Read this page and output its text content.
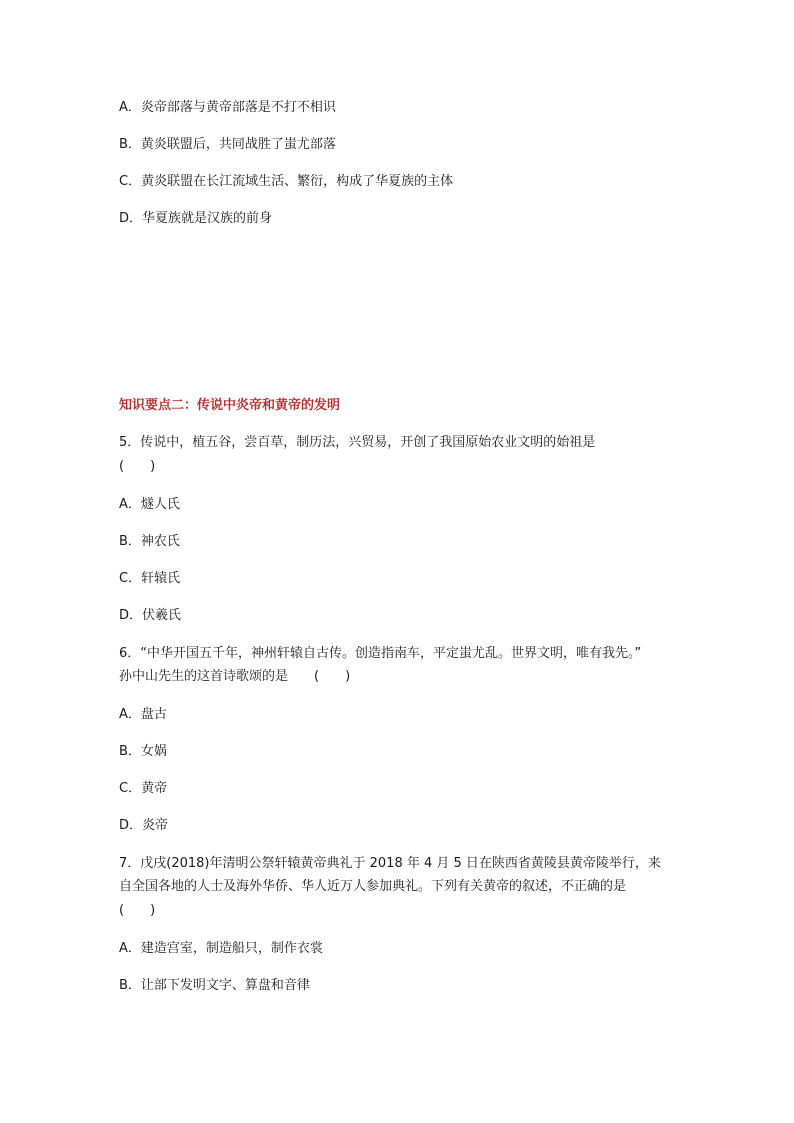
A．炎帝部落与黄帝部落是不打不相识
B．黄炎联盟后，共同战胜了蚩尤部落
C．黄炎联盟在长江流域生活、繁衍，构成了华夏族的主体
D．华夏族就是汉族的前身
知识要点二：传说中炎帝和黄帝的发明
5．传说中，植五谷，尝百草，制历法，兴贸易，开创了我国原始农业文明的始祖是
(　　)
A．燧人氏
B．神农氏
C．轩辕氏
D．伏羲氏
6．“中华开国五千年，神州轩辕自古传。创造指南车，平定蚩尤乱。世界文明，唯有我先。”
孙中山先生的这首诗歌颂的是　　(　　)
A．盘古
B．女娲
C．黄帝
D．炎帝
7．戊戌(2018)年清明公祭轩辕黄帝典礼于 2018 年 4 月 5 日在陕西省黄陵县黄帝陵举行，来
自全国各地的人士及海外华侨、华人近万人参加典礼。下列有关黄帝的叙述，不正确的是
(　　)
A．建造宫室，制造船只，制作衣裳
B．让部下发明文字、算盘和音律
